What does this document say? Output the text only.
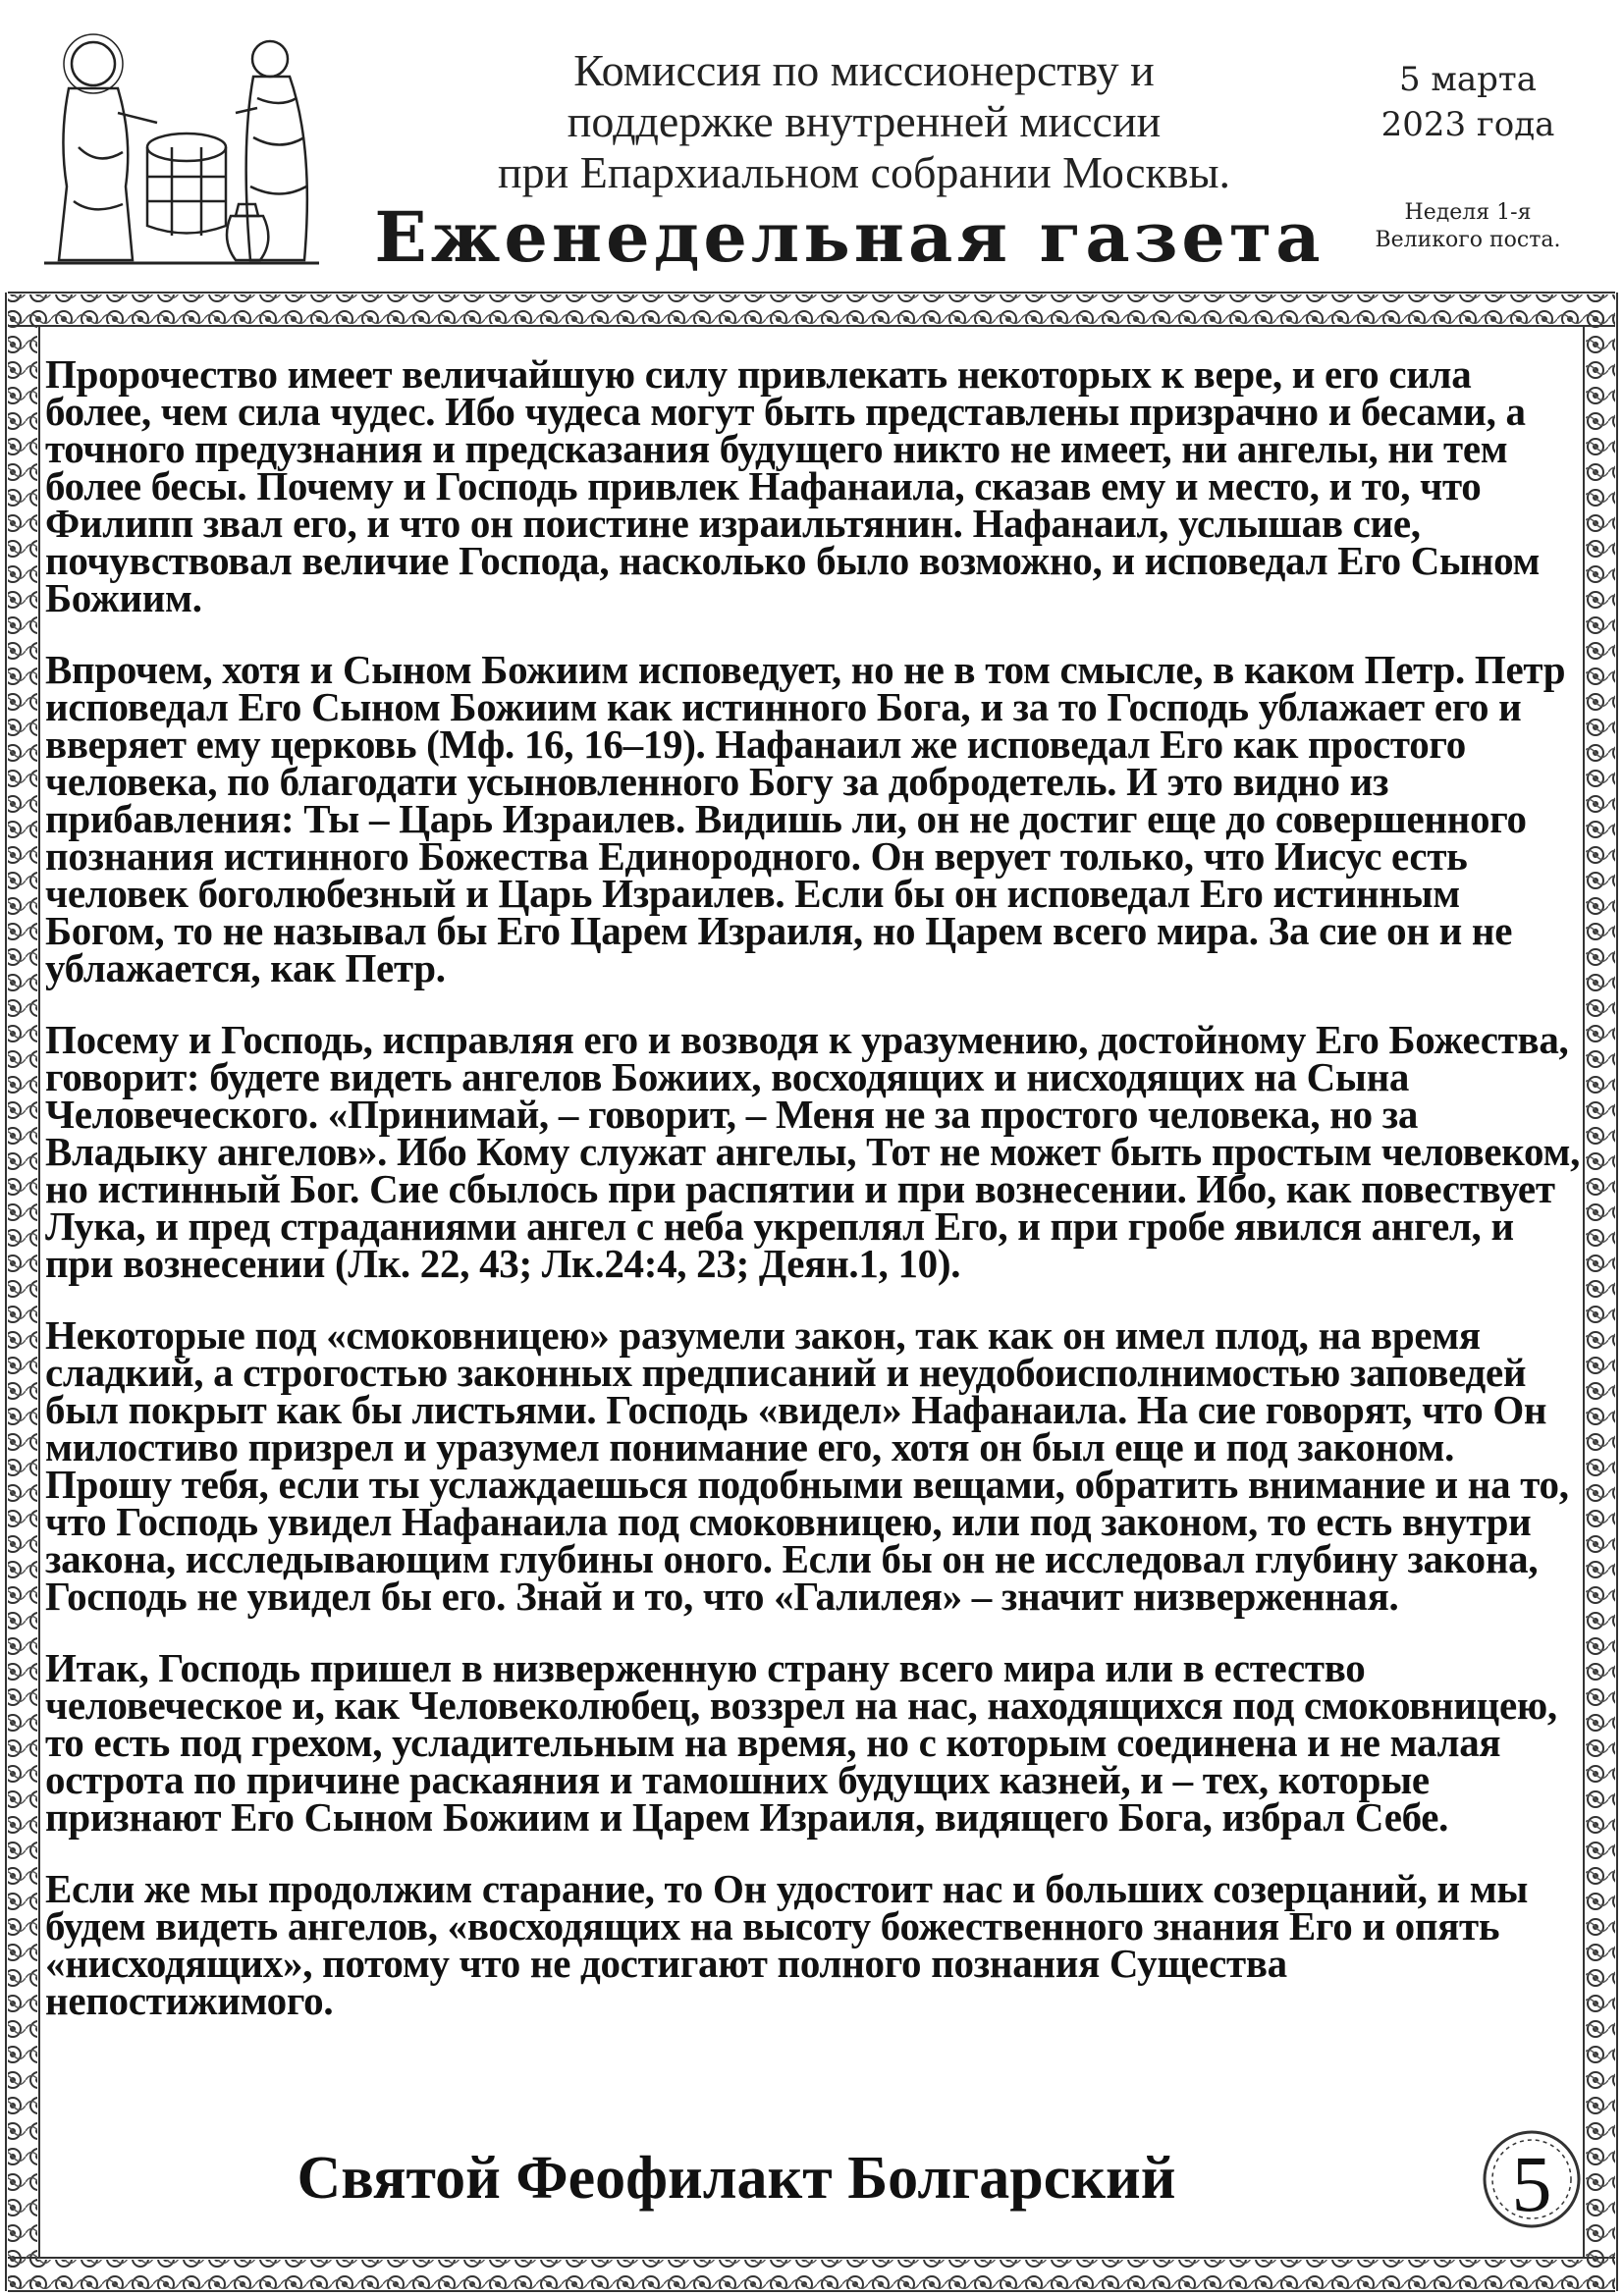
Комиссия по миссионерству и
поддержке внутренней миссии
при Епархиальном собрании Москвы.
Еженедельная газета
5 марта
2023 года
Неделя 1-я
Великого поста.

Пророчество имеет величайшую силу привлекать некоторых к вере, и его сила более, чем сила чудес. Ибо чудеса могут быть представлены призрачно и бесами, а точного предузнания и предсказания будущего никто не имеет, ни ангелы, ни тем более бесы. Почему и Господь привлек Нафанаила, сказав ему и место, и то, что Филипп звал его, и что он поистине израильтянин. Нафанаил, услышав сие, почувствовал величие Господа, насколько было возможно, и исповедал Его Сыном Божиим.

Впрочем, хотя и Сыном Божиим исповедует, но не в том смысле, в каком Петр. Петр исповедал Его Сыном Божиим как истинного Бога, и за то Господь ублажает его и вверяет ему церковь (Мф. 16, 16–19). Нафанаил же исповедал Его как простого человека, по благодати усыновленного Богу за добродетель. И это видно из прибавления: Ты – Царь Израилев. Видишь ли, он не достиг еще до совершенного познания истинного Божества Единородного. Он верует только, что Иисус есть человек боголюбезный и Царь Израилев. Если бы он исповедал Его истинным Богом, то не называл бы Его Царем Израиля, но Царем всего мира. За сие он и не ублажается, как Петр.

Посему и Господь, исправляя его и возводя к уразумению, достойному Его Божества, говорит: будете видеть ангелов Божиих, восходящих и нисходящих на Сына Человеческого. «Принимай, – говорит, – Меня не за простого человека, но за Владыку ангелов». Ибо Кому служат ангелы, Тот не может быть простым человеком, но истинный Бог. Сие сбылось при распятии и при вознесении. Ибо, как повествует Лука, и пред страданиями ангел с неба укреплял Его, и при гробе явился ангел, и при вознесении (Лк. 22, 43; Лк.24:4, 23; Деян.1, 10).

Некоторые под «смоковницею» разумели закон, так как он имел плод, на время сладкий, а строгостью законных предписаний и неудобоисполнимостью заповедей был покрыт как бы листьями. Господь «видел» Нафанаила. На сие говорят, что Он милостиво призрел и уразумел понимание его, хотя он был еще и под законом. Прошу тебя, если ты услаждаешься подобными вещами, обратить внимание и на то, что Господь увидел Нафанаила под смоковницею, или под законом, то есть внутри закона, исследывающим глубины оного. Если бы он не исследовал глубину закона, Господь не увидел бы его. Знай и то, что «Галилея» – значит низверженная.

Итак, Господь пришел в низверженную страну всего мира или в естество человеческое и, как Человеколюбец, воззрел на нас, находящихся под смоковницею, то есть под грехом, усладительным на время, но с которым соединена и не малая острота по причине раскаяния и тамошних будущих казней, и – тех, которые признают Его Сыном Божиим и Царем Израиля, видящего Бога, избрал Себе.

Если же мы продолжим старание, то Он удостоит нас и больших созерцаний, и мы будем видеть ангелов, «восходящих на высоту божественного знания Его и опять «нисходящих», потому что не достигают полного познания Существа непостижимого.

Святой Феофилакт Болгарский	5
